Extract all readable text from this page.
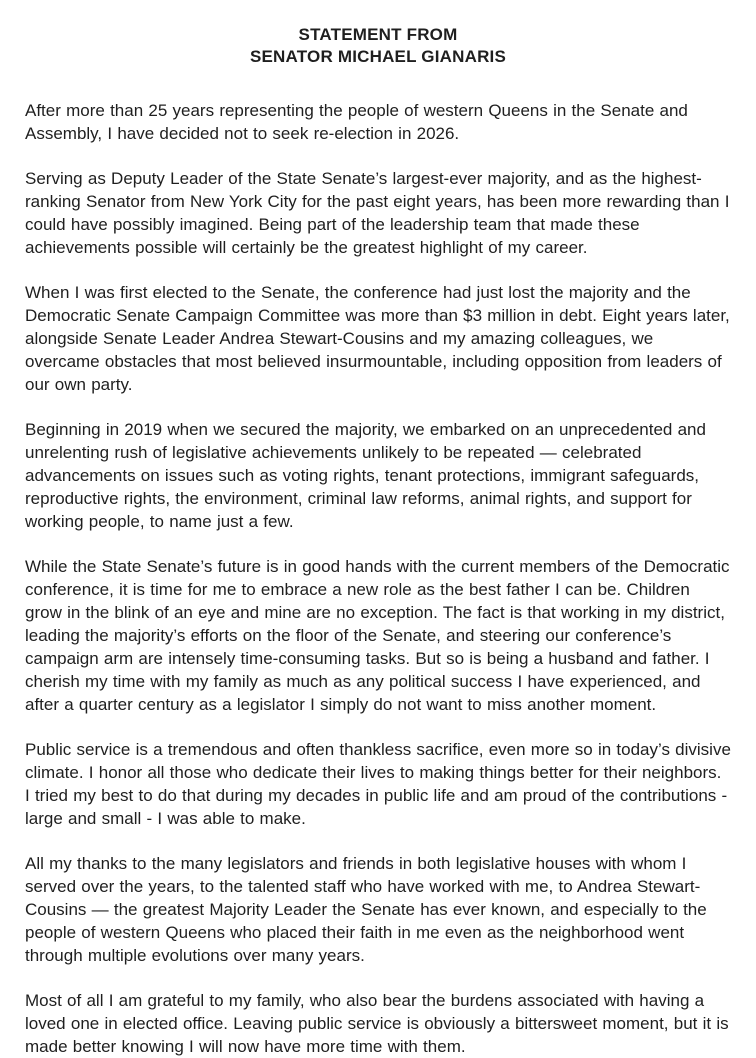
STATEMENT FROM
SENATOR MICHAEL GIANARIS

After more than 25 years representing the people of western Queens in the Senate and Assembly, I have decided not to seek re-election in 2026.

Serving as Deputy Leader of the State Senate’s largest-ever majority, and as the highest-ranking Senator from New York City for the past eight years, has been more rewarding than I could have possibly imagined. Being part of the leadership team that made these achievements possible will certainly be the greatest highlight of my career.

When I was first elected to the Senate, the conference had just lost the majority and the Democratic Senate Campaign Committee was more than $3 million in debt. Eight years later, alongside Senate Leader Andrea Stewart-Cousins and my amazing colleagues, we overcame obstacles that most believed insurmountable, including opposition from leaders of our own party.

Beginning in 2019 when we secured the majority, we embarked on an unprecedented and unrelenting rush of legislative achievements unlikely to be repeated — celebrated advancements on issues such as voting rights, tenant protections, immigrant safeguards, reproductive rights, the environment, criminal law reforms, animal rights, and support for working people, to name just a few.

While the State Senate’s future is in good hands with the current members of the Democratic conference, it is time for me to embrace a new role as the best father I can be. Children grow in the blink of an eye and mine are no exception. The fact is that working in my district, leading the majority’s efforts on the floor of the Senate, and steering our conference’s campaign arm are intensely time-consuming tasks. But so is being a husband and father. I cherish my time with my family as much as any political success I have experienced, and after a quarter century as a legislator I simply do not want to miss another moment.

Public service is a tremendous and often thankless sacrifice, even more so in today’s divisive climate. I honor all those who dedicate their lives to making things better for their neighbors. I tried my best to do that during my decades in public life and am proud of the contributions - large and small - I was able to make.

All my thanks to the many legislators and friends in both legislative houses with whom I served over the years, to the talented staff who have worked with me, to Andrea Stewart-Cousins — the greatest Majority Leader the Senate has ever known, and especially to the people of western Queens who placed their faith in me even as the neighborhood went through multiple evolutions over many years.

Most of all I am grateful to my family, who also bear the burdens associated with having a loved one in elected office. Leaving public service is obviously a bittersweet moment, but it is made better knowing I will now have more time with them.
